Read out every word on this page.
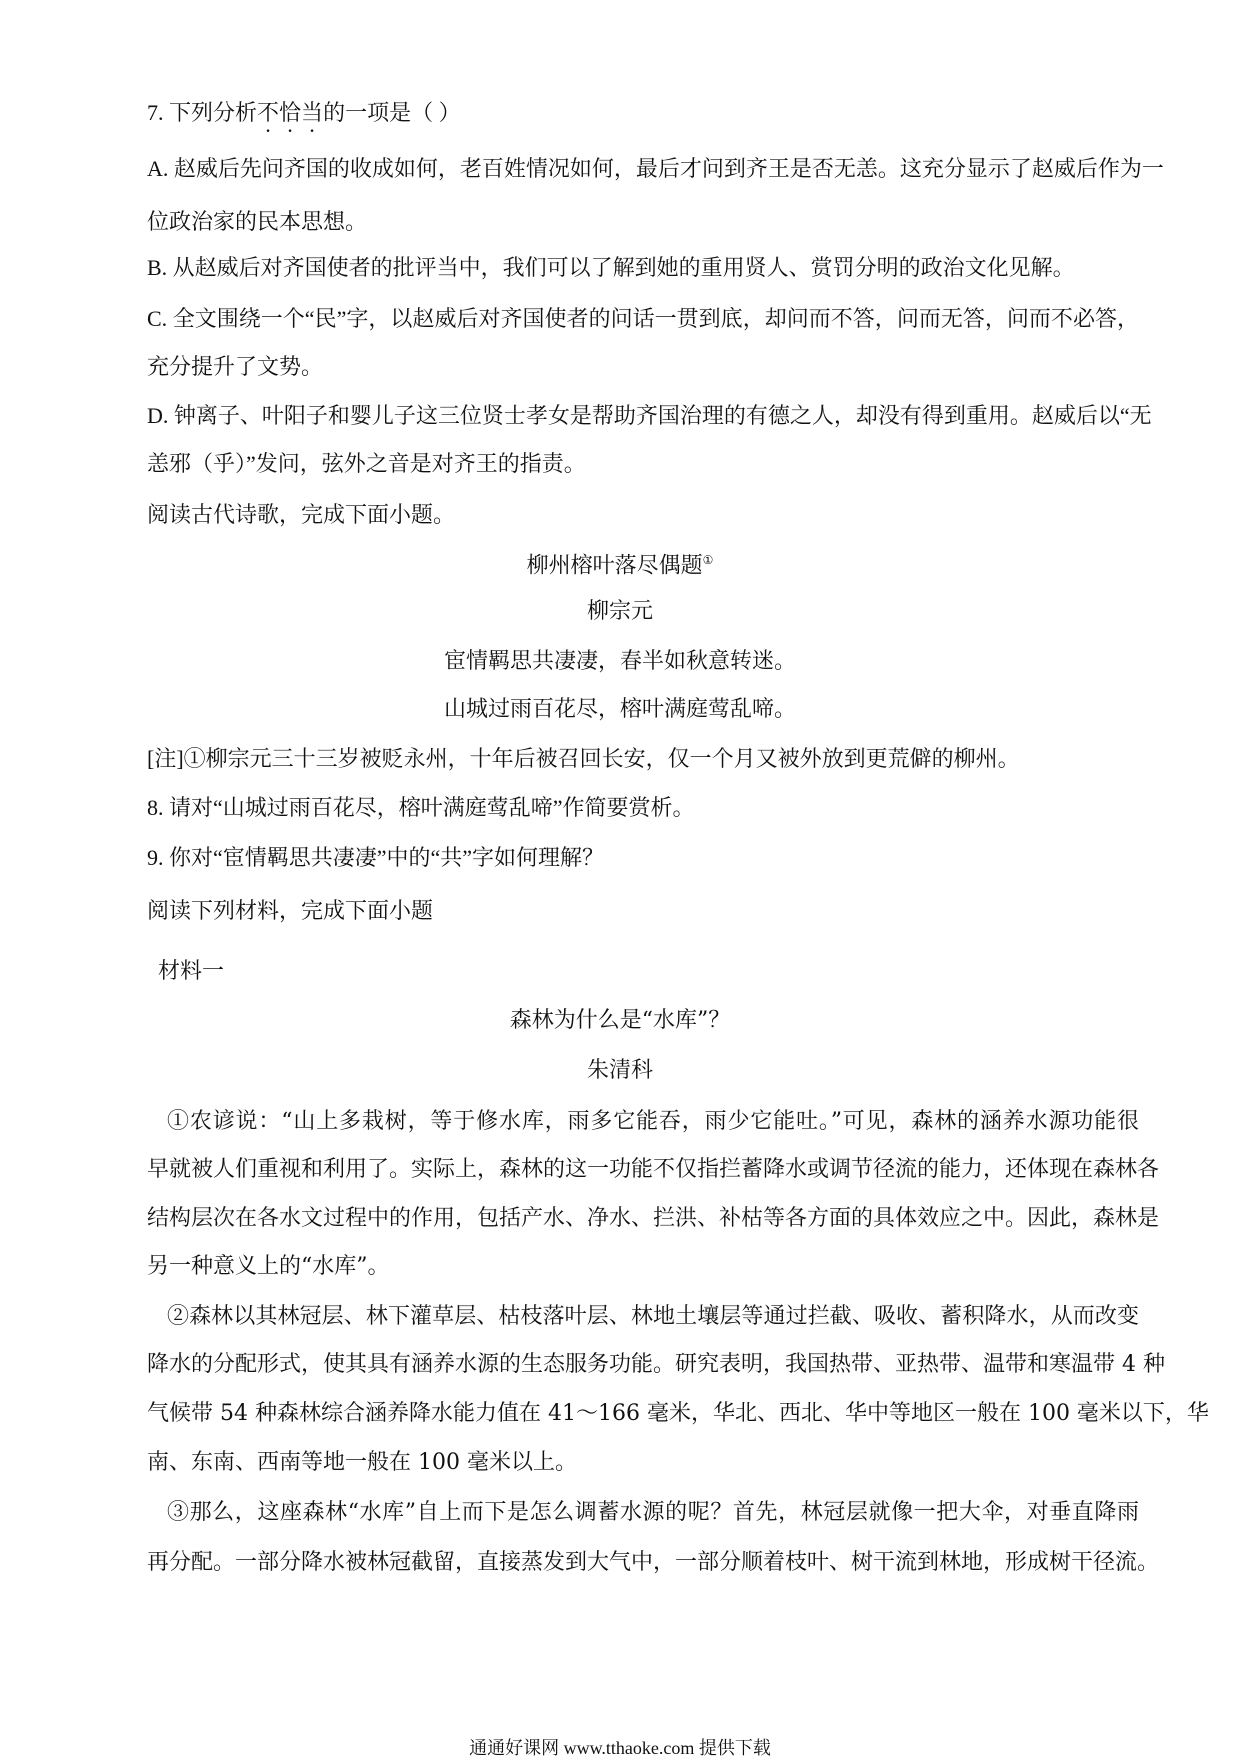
7. 下列分析不恰当的一项是（ ）
A. 赵威后先问齐国的收成如何，老百姓情况如何，最后才问到齐王是否无恙。这充分显示了赵威后作为一
位政治家的民本思想。
B. 从赵威后对齐国使者的批评当中，我们可以了解到她的重用贤人、赏罚分明的政治文化见解。
C. 全文围绕一个“民”字，以赵威后对齐国使者的问话一贯到底，却问而不答，问而无答，问而不必答，
充分提升了文势。
D. 钟离子、叶阳子和婴儿子这三位贤士孝女是帮助齐国治理的有德之人，却没有得到重用。赵威后以“无
恙邪（乎）”发问，弦外之音是对齐王的指责。
阅读古代诗歌，完成下面小题。
柳州榕叶落尽偶题①
柳宗元
宦情羁思共凄凄，春半如秋意转迷。
山城过雨百花尽，榕叶满庭莺乱啼。
[注]①柳宗元三十三岁被贬永州，十年后被召回长安，仅一个月又被外放到更荒僻的柳州。
8. 请对“山城过雨百花尽，榕叶满庭莺乱啼”作简要赏析。
9. 你对“宦情羁思共凄凄”中的“共”字如何理解？
阅读下列材料，完成下面小题
材料一
森林为什么是“水库”？
朱清科
①农谚说：“山上多栽树，等于修水库，雨多它能吞，雨少它能吐。”可见，森林的涵养水源功能很
早就被人们重视和利用了。实际上，森林的这一功能不仅指拦蓄降水或调节径流的能力，还体现在森林各
结构层次在各水文过程中的作用，包括产水、净水、拦洪、补枯等各方面的具体效应之中。因此，森林是
另一种意义上的“水库”。
②森林以其林冠层、林下灌草层、枯枝落叶层、林地土壤层等通过拦截、吸收、蓄积降水，从而改变
降水的分配形式，使其具有涵养水源的生态服务功能。研究表明，我国热带、亚热带、温带和寒温带 4 种
气候带 54 种森林综合涵养降水能力值在 41～166 毫米，华北、西北、华中等地区一般在 100 毫米以下，华
南、东南、西南等地一般在 100 毫米以上。
③那么，这座森林“水库”自上而下是怎么调蓄水源的呢？首先，林冠层就像一把大伞，对垂直降雨
再分配。一部分降水被林冠截留，直接蒸发到大气中，一部分顺着枝叶、树干流到林地，形成树干径流。
通通好课网 www.tthaoke.com 提供下载
